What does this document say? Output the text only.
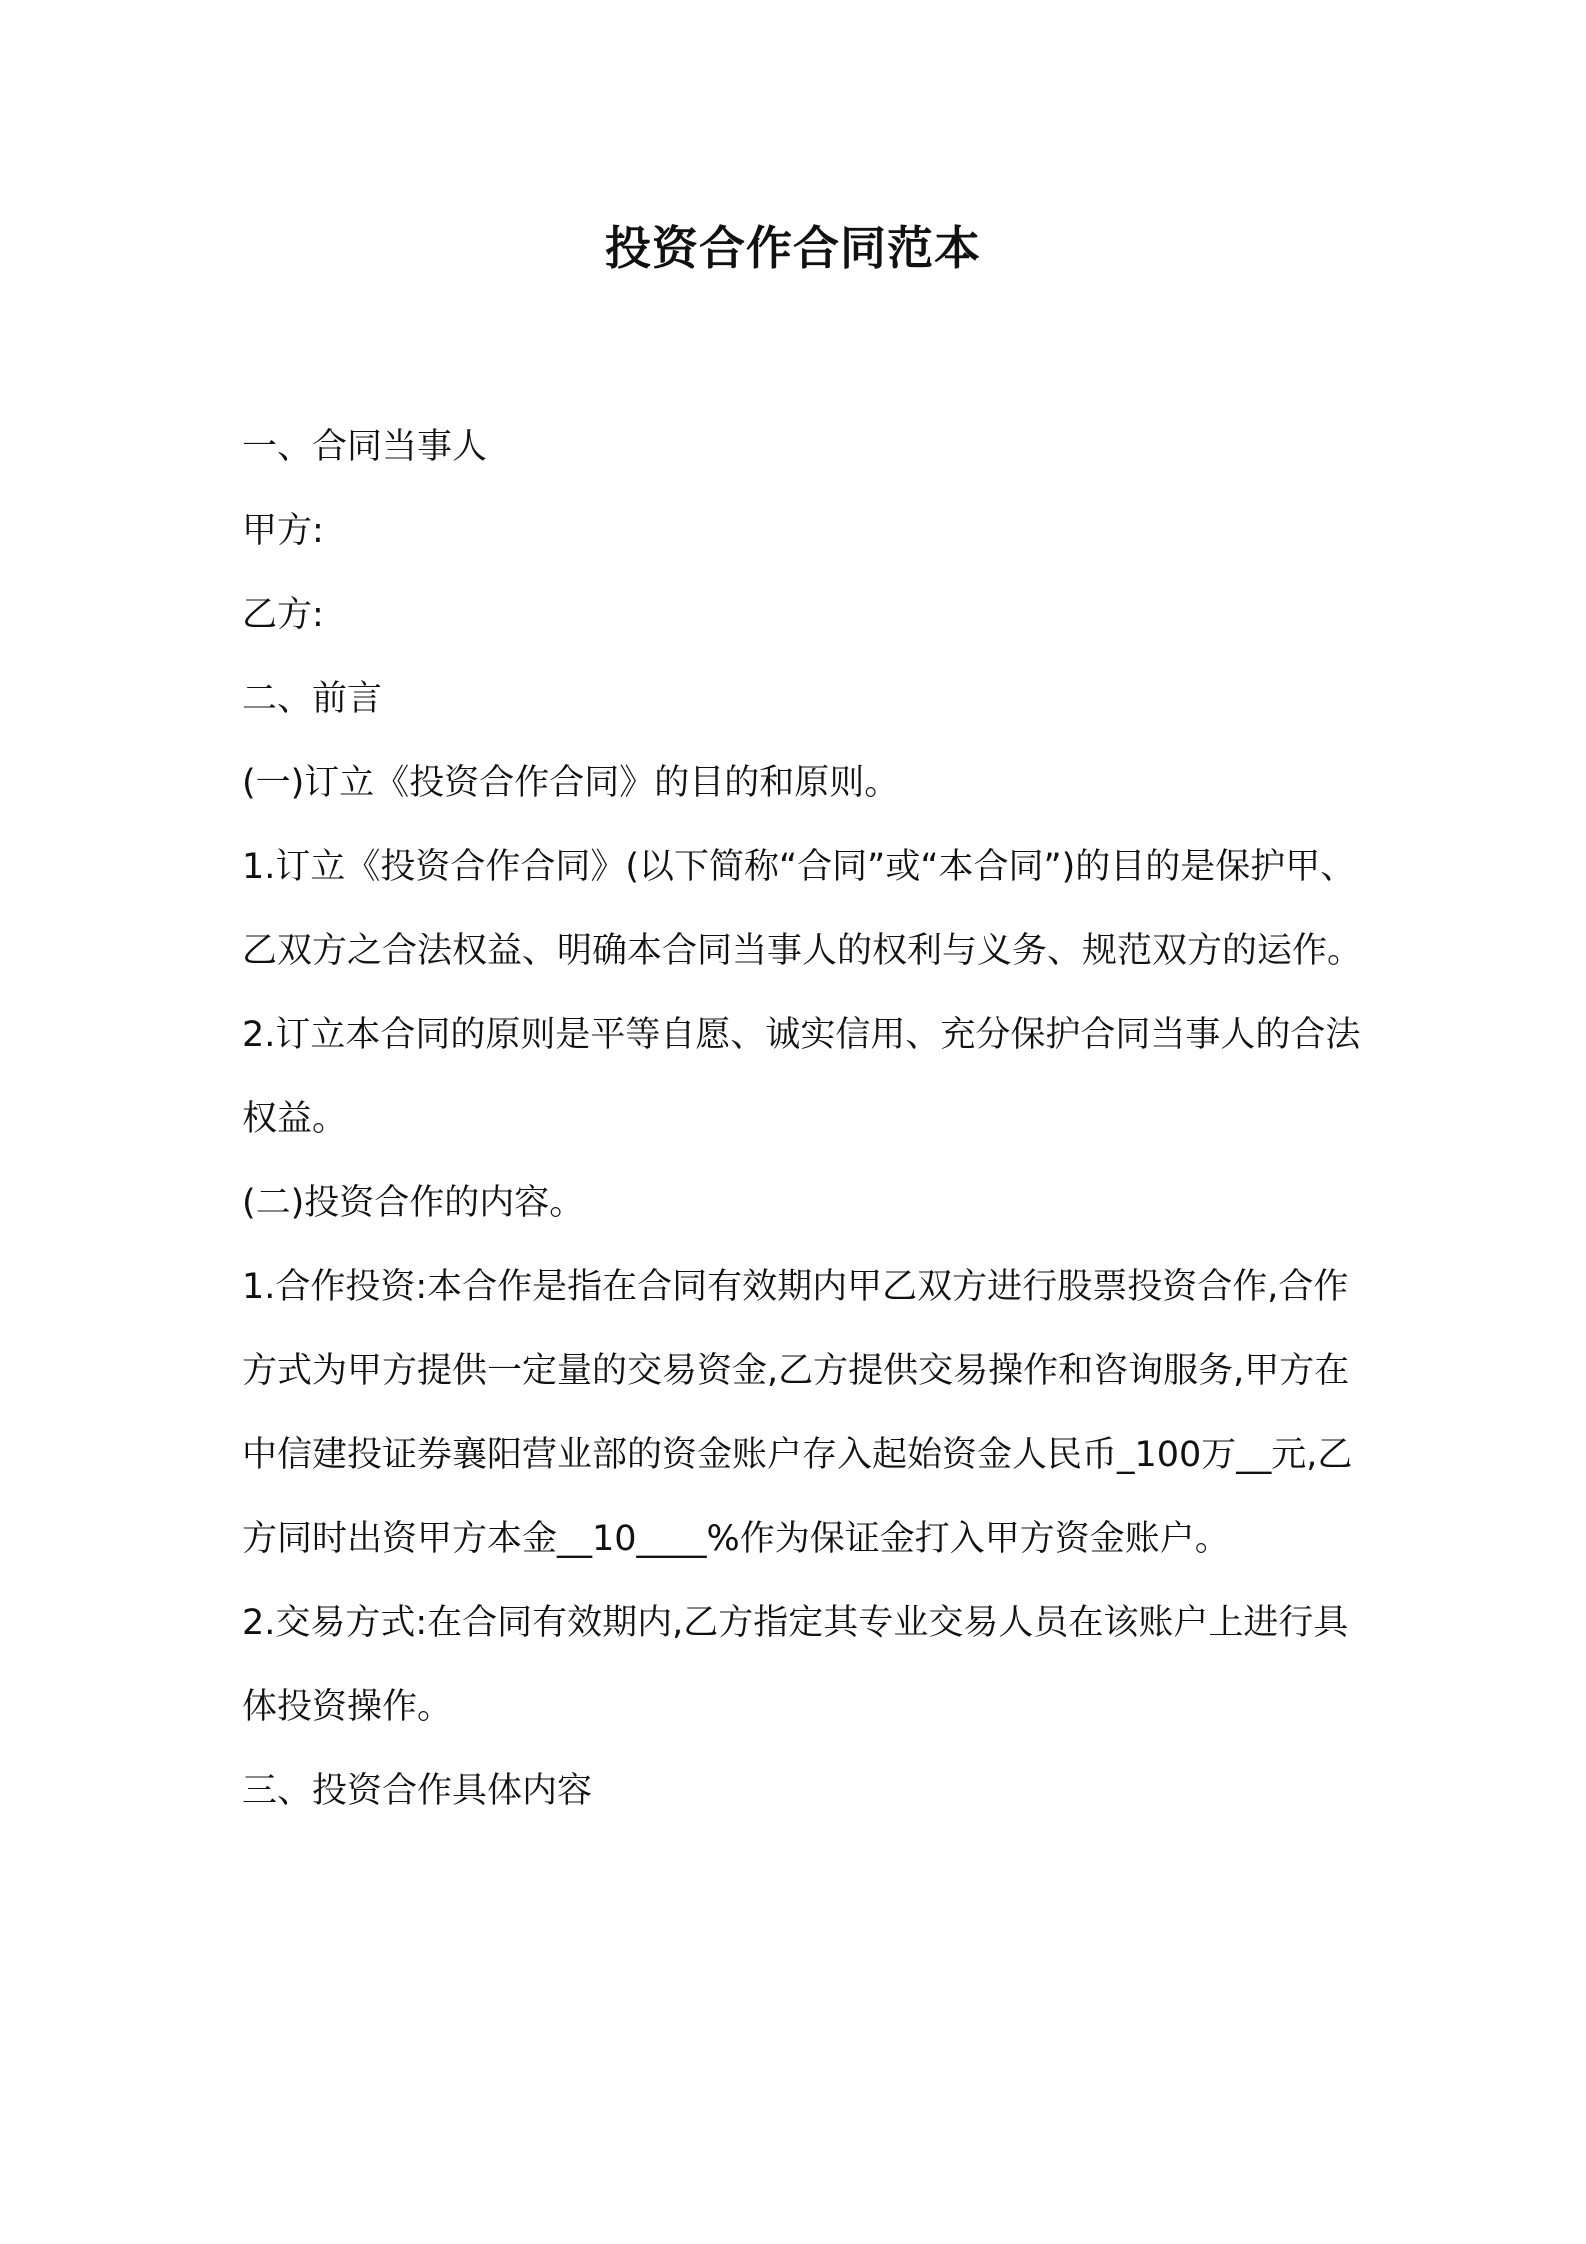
投资合作合同范本

一、合同当事人

甲方:

乙方:

二、前言

(一)订立《投资合作合同》的目的和原则。

1.订立《投资合作合同》(以下简称“合同”或“本合同”)的目的是保护甲、乙双方之合法权益、明确本合同当事人的权利与义务、规范双方的运作。

2.订立本合同的原则是平等自愿、诚实信用、充分保护合同当事人的合法权益。

(二)投资合作的内容。

1.合作投资:本合作是指在合同有效期内甲乙双方进行股票投资合作,合作方式为甲方提供一定量的交易资金,乙方提供交易操作和咨询服务,甲方在中信建投证券襄阳营业部的资金账户存入起始资金人民币_100万__元,乙方同时出资甲方本金__10____%作为保证金打入甲方资金账户。

2.交易方式:在合同有效期内,乙方指定其专业交易人员在该账户上进行具体投资操作。

三、投资合作具体内容
